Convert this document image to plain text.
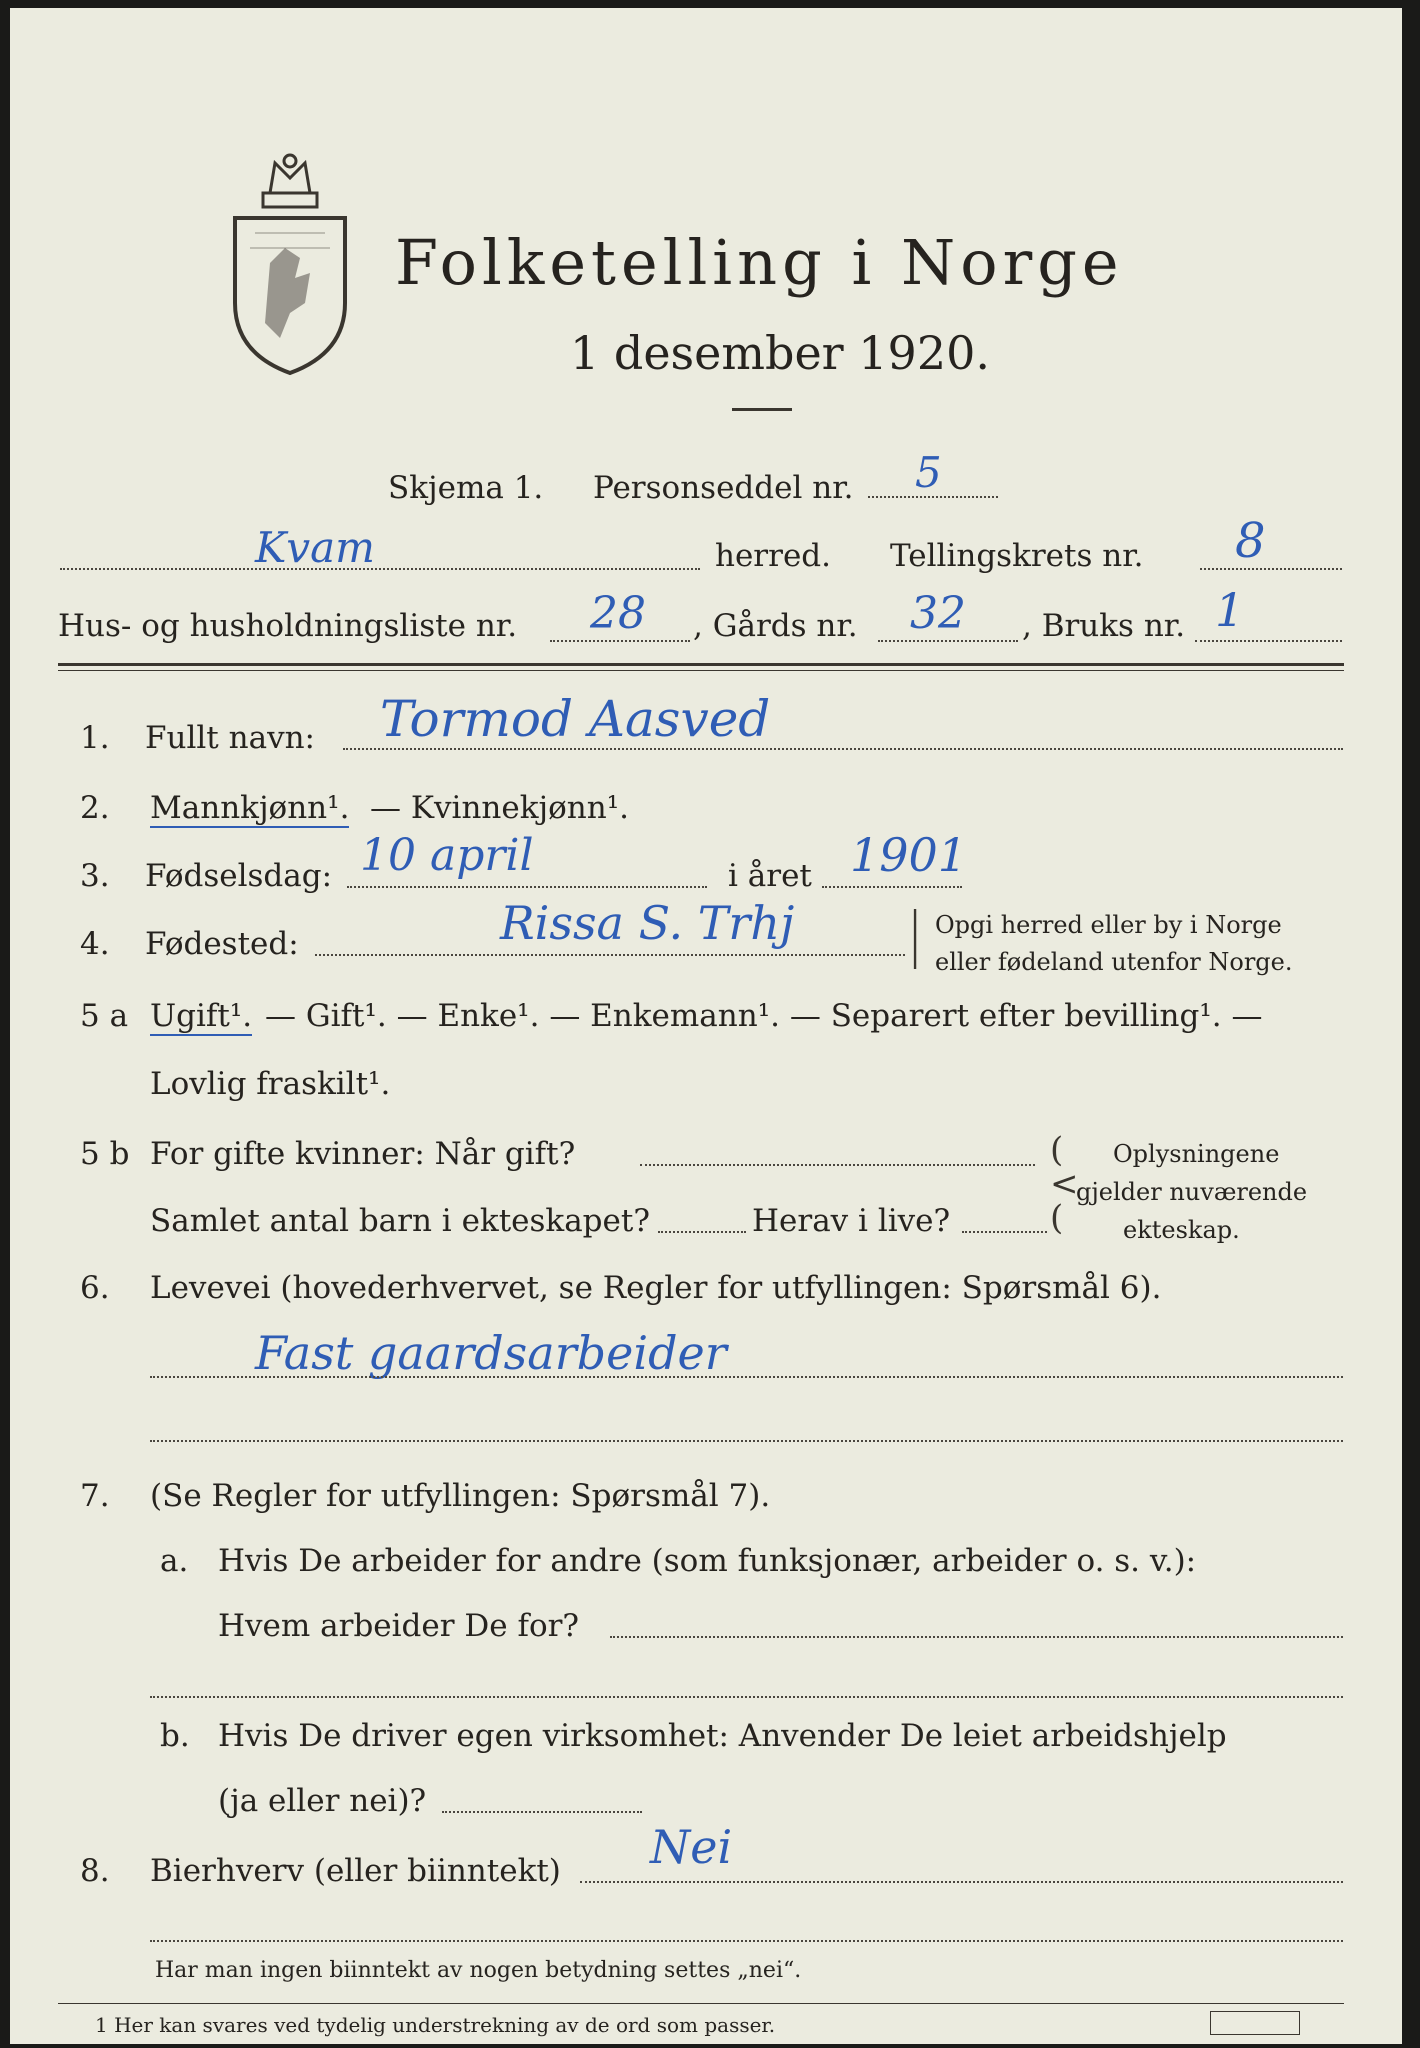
Folketelling i Norge
1 desember 1920.
Skjema 1. Personseddel nr. 5
Kvam	herred. Tellingskrets nr. 8
Hus- og husholdningsliste nr. 28 , Gårds nr. 32 , Bruks nr. 1
1. Fullt navn: Tormod Aasved
2. Mannkjønn¹. — Kvinnekjønn¹.
3. Fødselsdag: 10 april	i året 1901
4. Fødested:	Rissa S. Trhj	|
|
Opgi herred eller by i Norge
eller fødeland utenfor Norge.
5 a Ugift¹. — Gift¹. — Enke¹. — Enkemann¹. — Separert efter bevilling¹. —
Lovlig fraskilt¹.
5 b For gifte kvinner: Når gift?
Samlet antal barn i ekteskapet?	Herav i live?
(
<
(
Oplysningene
gjelder nuværende
ekteskap.
6. Levevei (hovederhvervet, se Regler for utfyllingen: Spørsmål 6).
Fast gaardsarbeider
7. (Se Regler for utfyllingen: Spørsmål 7).
a. Hvis De arbeider for andre (som funksjonær, arbeider o. s. v.):
Hvem arbeider De for?
b. Hvis De driver egen virksomhet: Anvender De leiet arbeidshjelp
(ja eller nei)?
8. Bierhverv (eller biinntekt) Nei
Har man ingen biinntekt av nogen betydning settes „nei“.
1 Her kan svares ved tydelig understrekning av de ord som passer.
